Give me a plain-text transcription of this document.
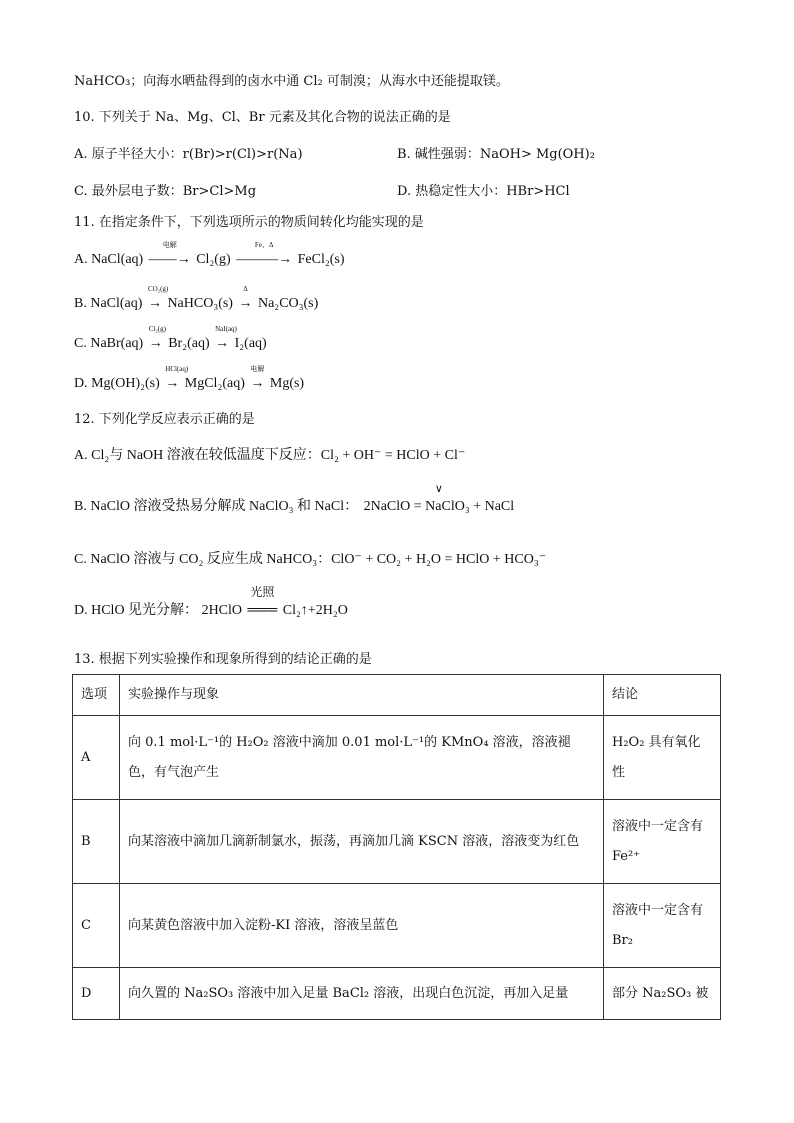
NaHCO₃；向海水晒盐得到的卤水中通 Cl₂ 可制溴；从海水中还能提取镁。
10. 下列关于 Na、Mg、Cl、Br 元素及其化合物的说法正确的是
A. 原子半径大小：r(Br)>r(Cl)>r(Na)	B. 碱性强弱：NaOH> Mg(OH)₂
C. 最外层电子数：Br>Cl>Mg	D. 热稳定性大小：HBr>HCl
11. 在指定条件下，下列选项所示的物质间转化均能实现的是
A. NaCl(aq)
电解
——→ Cl₂(g)
Fe、Δ
———→ FeCl₂(s)
B. NaCl(aq)
CO₂(g)
→ NaHCO₃(s)
Δ
→ Na₂CO₃(s)
C. NaBr(aq)
Cl₂(g)
→ Br₂(aq)
NaI(aq)
→ I₂(aq)
D. Mg(OH)₂(s)
HCl(aq)
→ MgCl₂(aq)
电解
→ Mg(s)
12. 下列化学反应表示正确的是
A. Cl₂与 NaOH 溶液在较低温度下反应：Cl₂ + OH⁻ = HClO + Cl⁻
B. NaClO 溶液受热易分解成 NaClO₃ 和 NaCl：
∨
2NaClO = NaClO₃ + NaCl
C. NaClO 溶液与 CO₂ 反应生成 NaHCO₃：ClO⁻ + CO₂ + H₂O = HClO + HCO₃⁻
D. HClO 见光分解： 2HClO
光照
═══ Cl₂↑+2H₂O
13. 根据下列实验操作和现象所得到的结论正确的是
选项	实验操作与现象	结论
A	向 0.1 mol·L⁻¹的 H₂O₂ 溶液中滴加 0.01 mol·L⁻¹的 KMnO₄ 溶液，溶液褪色，有气泡产生	H₂O₂ 具有氧化性
B	向某溶液中滴加几滴新制氯水，振荡，再滴加几滴 KSCN 溶液，溶液变为红色	溶液中一定含有 Fe²⁺
C	向某黄色溶液中加入淀粉-KI 溶液，溶液呈蓝色	溶液中一定含有 Br₂
D	向久置的 Na₂SO₃ 溶液中加入足量 BaCl₂ 溶液，出现白色沉淀，再加入足量	部分 Na₂SO₃ 被
